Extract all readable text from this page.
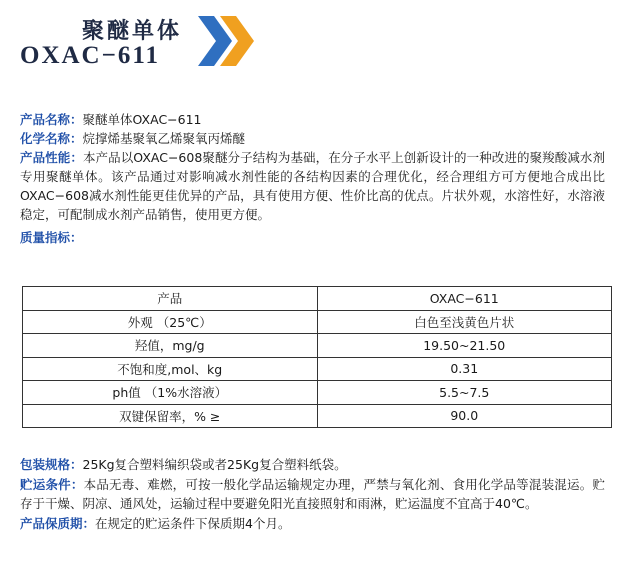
聚醚单体
OXAC−611

产品名称：聚醚单体OXAC−611

化学名称：烷撑烯基聚氧乙烯聚氧丙烯醚

产品性能：本产品以OXAC−608聚醚分子结构为基础，在分子水平上创新设计的一种改进的聚羧酸减水剂专用聚醚单体。该产品通过对影响减水剂性能的各结构因素的合理优化，经合理组方可方便地合成出比OXAC−608减水剂性能更佳优异的产品，具有使用方便、性价比高的优点。片状外观，水溶性好，水溶液稳定，可配制成水剂产品销售，使用更方便。

质量指标：
产品	OXAC−611
外观 （25℃）	白色至浅黄色片状
羟值，mg/g	19.50~21.50
不饱和度,mol、kg	0.31
ph值 （1%水溶液）	5.5~7.5
双键保留率，% ≥	90.0

包装规格：25Kg复合塑料编织袋或者25Kg复合塑料纸袋。

贮运条件：本品无毒、难燃，可按一般化学品运输规定办理，严禁与氧化剂、食用化学品等混装混运。贮存于干燥、阴凉、通风处，运输过程中要避免阳光直接照射和雨淋，贮运温度不宜高于40℃。

产品保质期：在规定的贮运条件下保质期4个月。
